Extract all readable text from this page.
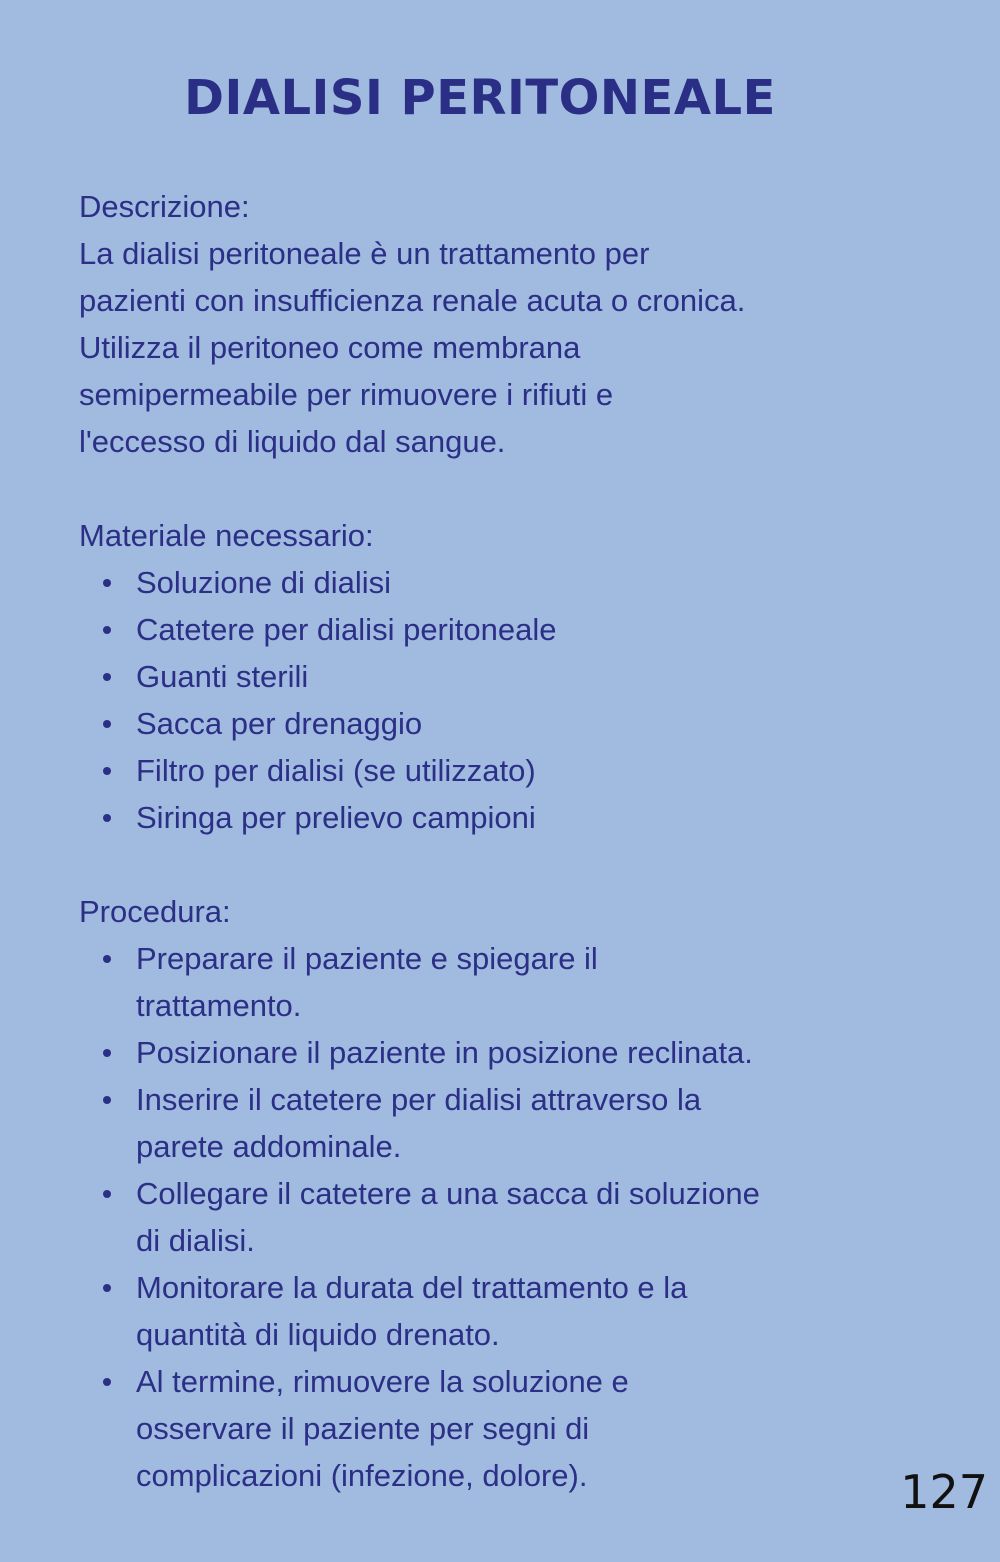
DIALISI PERITONEALE
Descrizione:
La dialisi peritoneale è un trattamento per
pazienti con insufficienza renale acuta o cronica.
Utilizza il peritoneo come membrana
semipermeabile per rimuovere i rifiuti e
l'eccesso di liquido dal sangue.
Materiale necessario:
Soluzione di dialisi
Catetere per dialisi peritoneale
Guanti sterili
Sacca per drenaggio
Filtro per dialisi (se utilizzato)
Siringa per prelievo campioni
Procedura:
Preparare il paziente e spiegare il
trattamento.
Posizionare il paziente in posizione reclinata.
Inserire il catetere per dialisi attraverso la
parete addominale.
Collegare il catetere a una sacca di soluzione
di dialisi.
Monitorare la durata del trattamento e la
quantità di liquido drenato.
Al termine, rimuovere la soluzione e
osservare il paziente per segni di
complicazioni (infezione, dolore).	127
